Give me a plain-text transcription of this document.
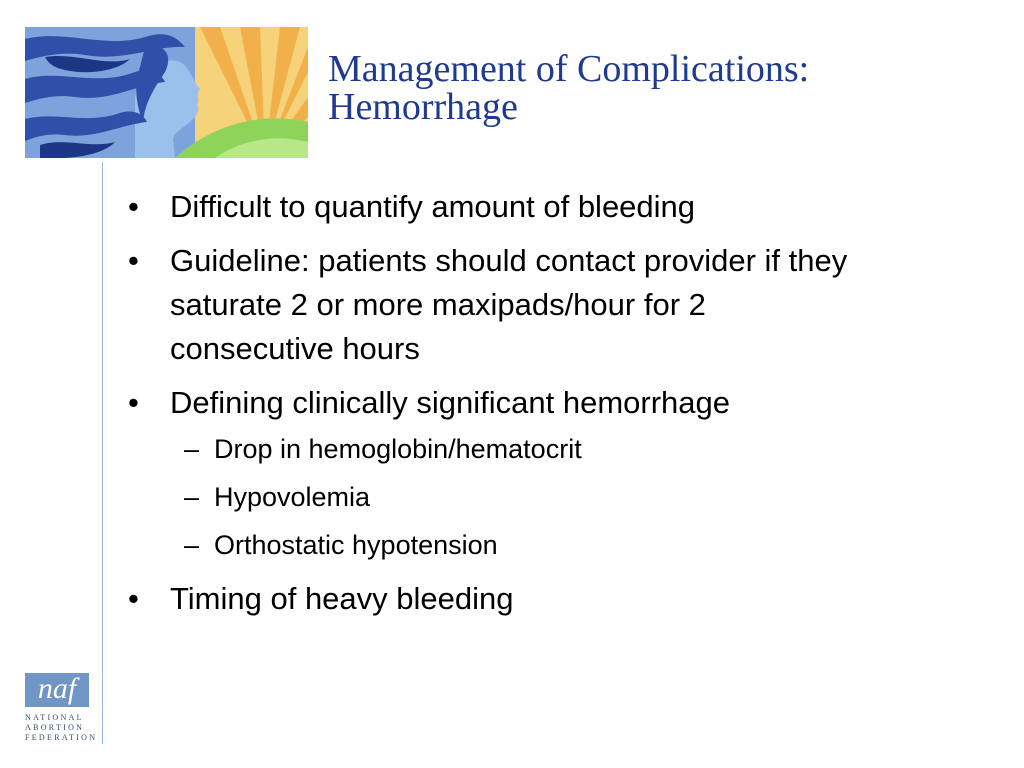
Management of Complications:
Hemorrhage
•	Difficult to quantify amount of bleeding
•	Guideline: patients should contact provider if they saturate 2 or more maxipads/hour for 2 consecutive hours
•	Defining clinically significant hemorrhage
– Drop in hemoglobin/hematocrit
– Hypovolemia
– Orthostatic hypotension
•	Timing of heavy bleeding
naf
NATIONAL
ABORTION
FEDERATION
